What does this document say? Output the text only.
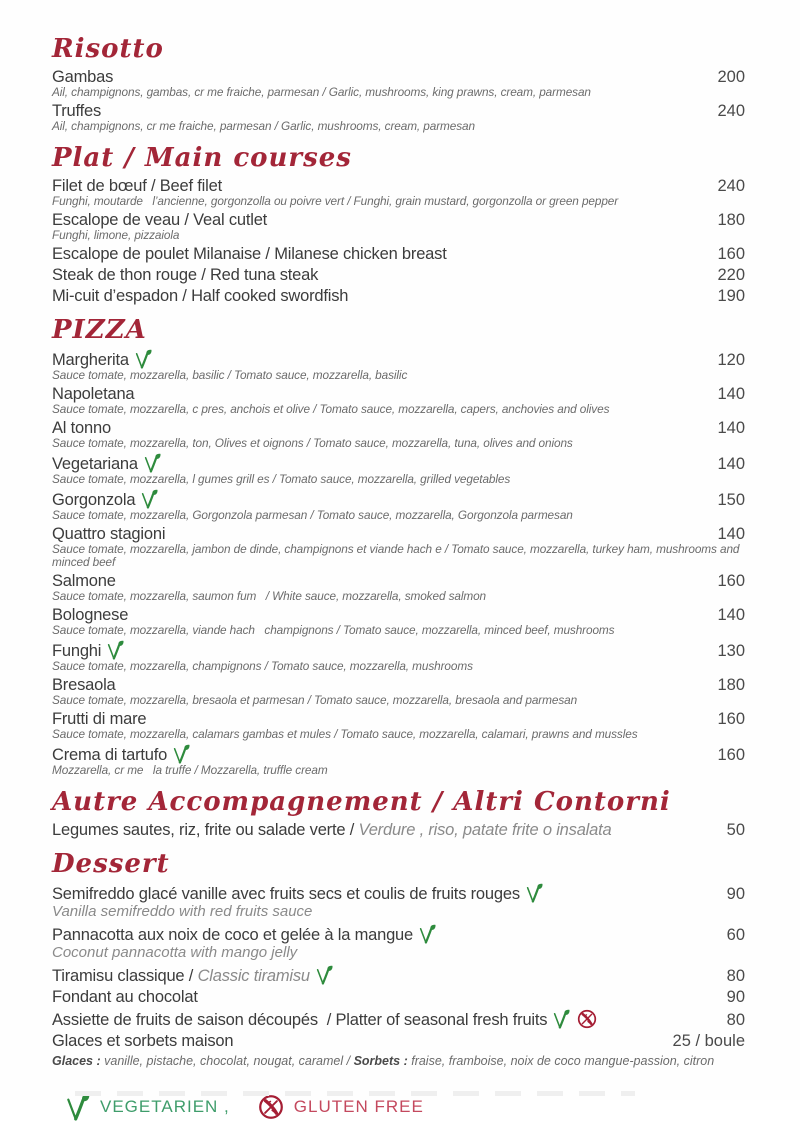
Risotto
Gambas	200
Ail, champignons, gambas, cr me fraiche, parmesan / Garlic, mushrooms, king prawns, cream, parmesan
Truffes	240
Ail, champignons, cr me fraiche, parmesan / Garlic, mushrooms, cream, parmesan
Plat / Main courses
Filet de bœuf / Beef filet	240
Funghi, moutarde   l’ancienne, gorgonzolla ou poivre vert / Funghi, grain mustard, gorgonzolla or green pepper
Escalope de veau / Veal cutlet	180
Funghi, limone, pizzaiola
Escalope de poulet Milanaise / Milanese chicken breast	160
Steak de thon rouge / Red tuna steak	220
Mi-cuit d’espadon / Half cooked swordfish	190
PIZZA
Margherita	120
Sauce tomate, mozzarella, basilic / Tomato sauce, mozzarella, basilic
Napoletana	140
Sauce tomate, mozzarella, c pres, anchois et olive / Tomato sauce, mozzarella, capers, anchovies and olives
Al tonno	140
Sauce tomate, mozzarella, ton, Olives et oignons / Tomato sauce, mozzarella, tuna, olives and onions
Vegetariana	140
Sauce tomate, mozzarella, l gumes grill es / Tomato sauce, mozzarella, grilled vegetables
Gorgonzola	150
Sauce tomate, mozzarella, Gorgonzola parmesan / Tomato sauce, mozzarella, Gorgonzola parmesan
Quattro stagioni	140
Sauce tomate, mozzarella, jambon de dinde, champignons et viande hach e / Tomato sauce, mozzarella, turkey ham, mushrooms and minced beef
Salmone	160
Sauce tomate, mozzarella, saumon fum   / White sauce, mozzarella, smoked salmon
Bolognese	140
Sauce tomate, mozzarella, viande hach   champignons / Tomato sauce, mozzarella, minced beef, mushrooms
Funghi	130
Sauce tomate, mozzarella, champignons / Tomato sauce, mozzarella, mushrooms
Bresaola	180
Sauce tomate, mozzarella, bresaola et parmesan / Tomato sauce, mozzarella, bresaola and parmesan
Frutti di mare	160
Sauce tomate, mozzarella, calamars gambas et mules / Tomato sauce, mozzarella, calamari, prawns and mussles
Crema di tartufo	160
Mozzarella, cr me   la truffe / Mozzarella, truffle cream
Autre Accompagnement / Altri Contorni
Legumes sautes, riz, frite ou salade verte / Verdure , riso, patate frite o insalata	50
Dessert
Semifreddo glacé vanille avec fruits secs et coulis de fruits rouges	90
Vanilla semifreddo with red fruits sauce
Pannacotta aux noix de coco et gelée à la mangue	60
Coconut pannacotta with mango jelly
Tiramisu classique / Classic tiramisu	80
Fondant au chocolat	90
Assiette de fruits de saison découpés  / Platter of seasonal fresh fruits	80
Glaces et sorbets maison	25 / boule
Glaces : vanille, pistache, chocolat, nougat, caramel / Sorbets : fraise, framboise, noix de coco mangue-passion, citron
VEGETARIEN ,	GLUTEN FREE
